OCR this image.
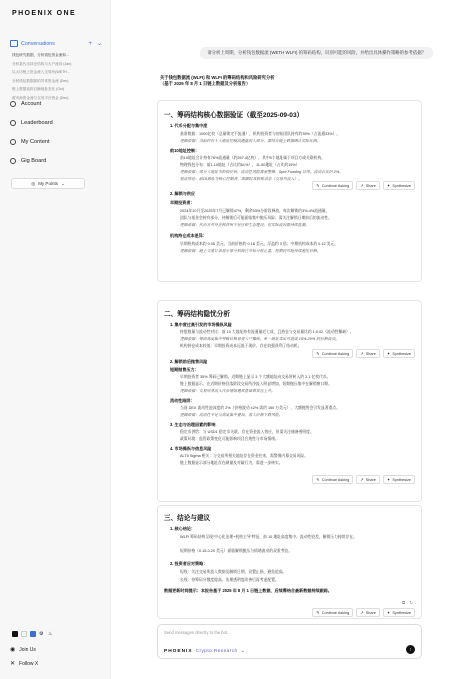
PHOENIX ONE
Conversations	+ ⌄
钱包研究数据，分析钱包资金流和…
分析某代币持仓结构与大户流向 (Jan)
以太坊链上资金流入交易所(WETH…
分析钱包数据源的异常资金流 (Dec)
链上数据追踪巨鲸地址变化 (Oct)
做市商资金流与交易平台资金 (Dec)
Account
Leaderboard
My Content
Gig Board
◎ My Points ⌄
⚙ ♨
◉ Join Us
✕ Follow X
请分析上周期，分析钱包数据流 (WETH WLFI) 的筹码结构，识别可能的风险，并给出具体操作策略的参考依据？
关于钱包数据流 (WLFI) 和 WLFI 的筹码结构和风险研究分析
（基于 2025 年 8 月 1 日链上数据及分析报告）
一、筹码结构核心数据验证（截至2025-09-03）
1. 代币分配与集中度
基准数据：1000亿枚（总量锁定不流通），机构投资者与初始团队持有约35%（占流通33%）。
逻辑依据：当前约有十大地址控制流通盘的大部分，需结合链上数据确认实际比例。
前10地址控制：
前10地址合计持有76%流通量（约267.4亿枚），其中5个地址属于项目方或关联机构。
物理钱包分布：前1-10地址（占比约61%），11-50地址（占比约15%）
逻辑依据：部分大地址为机构托管，流动性风险需要警惕，Spot Funding 异常。流动占比约 2%。
验证结论：前10地址为核心控制者，需跟踪其转账动态（交易所流入）。
2. 解锁与供应
早期投资者：
2024年10月至2025年7月已解锁47%，剩余53%分阶段释放，每次解锁约3%-4%流通量。
团队与基金会持有部分，待解锁后可能面临集中抛压风险；需关注解锁日期前后的流动性。
逻辑依据：代币方对外宣称将用于社区和生态建设，但实际流向需持续监测。
机构持仓成本差异：
早期机构成本约 0.05 美元，当前价格约 0.18 美元，浮盈约 3 倍；中期机构成本约 0.12 美元。
逻辑依据：链上交易记录显示部分机构已开始分批止盈，短期内可能持续施压价格。
✎ Continue Asking	↗ Share	✦ Synthesize
二、筹码结构隐忧分析
1. 集中度过高引发的市场操纵风险
持股数量与流动性对比：前 10 大地址持有流通量近七成，且持仓与交易量比约 1:0.02（流动性稀缺）。
逻辑依据：筹码高度集中导致价格易受大户操纵，单一地址卖出可造成 15%-20% 的价格波动。
机构持仓成本较低：早期投资成本远低于现价，存在较强获利了结动机。
2. 解锁前后抛售风险
短期抛售压力：
早期投资者 35% 筹码已解锁，近期链上显示 3 个大额地址向交易所转入约 2.1 亿枚代币。
链上数据显示，在近期价格回落阶段交易所净流入明显增加，短期抛压集中在解锁窗口期。
逻辑依据：交易所净流入代币增加通常意味着卖压上升。
流动性陷阱：
当前 DEX 流动性池深度约 2%（价格波动 ±2% 需约 150 万美元），大额抛售会引发显著滑点。
逻辑依据：流动性不足与高度集中叠加，放大价格下跌风险。
3. 生态与治理因素的影响
稳定币供给：与 USD1 稳定币关联，存在资金流入效应，但需关注储备透明度。
政策环境：监管政策变化可能影响项目合规性与市场情绪。
4. 市场操纵与信息风险
ALT5 Sigma 相关：与交易所相关地址存在资金往来，需警惕内幕交易风险。
链上数据显示部分地址存在刷量及对敲行为，需进一步核实。
✎ Continue Asking	↗ Share	✦ Synthesize
✎ Continue Asking	↗ Share	✦ Synthesize
三、结论与建议
1. 核心结论：
WLFI 筹码结构呈现“中心化治理+机构主导”特征，前 10 地址高度集中，流动性较差，解锁压力持续存在。
短期价格（0.15-0.20 美元）面临解锁抛压与情绪波动的双重考验。
2. 投资者应对策略：
短线：关注交易所流入数据及解锁日期，设置止损，避免追高。
长线：待筹码分散度提高、治理透明度改善后再考虑配置。
数据更新时间提示：本报告基于 2025 年 8 月 1 日链上数据，后续需结合最新数据持续跟踪。
⧉ ↻
✎ Continue Asking	↗ Share	✦ Synthesize
Send messages directly to the bot...
PHOENIX Crypto Research ⌄	↑
